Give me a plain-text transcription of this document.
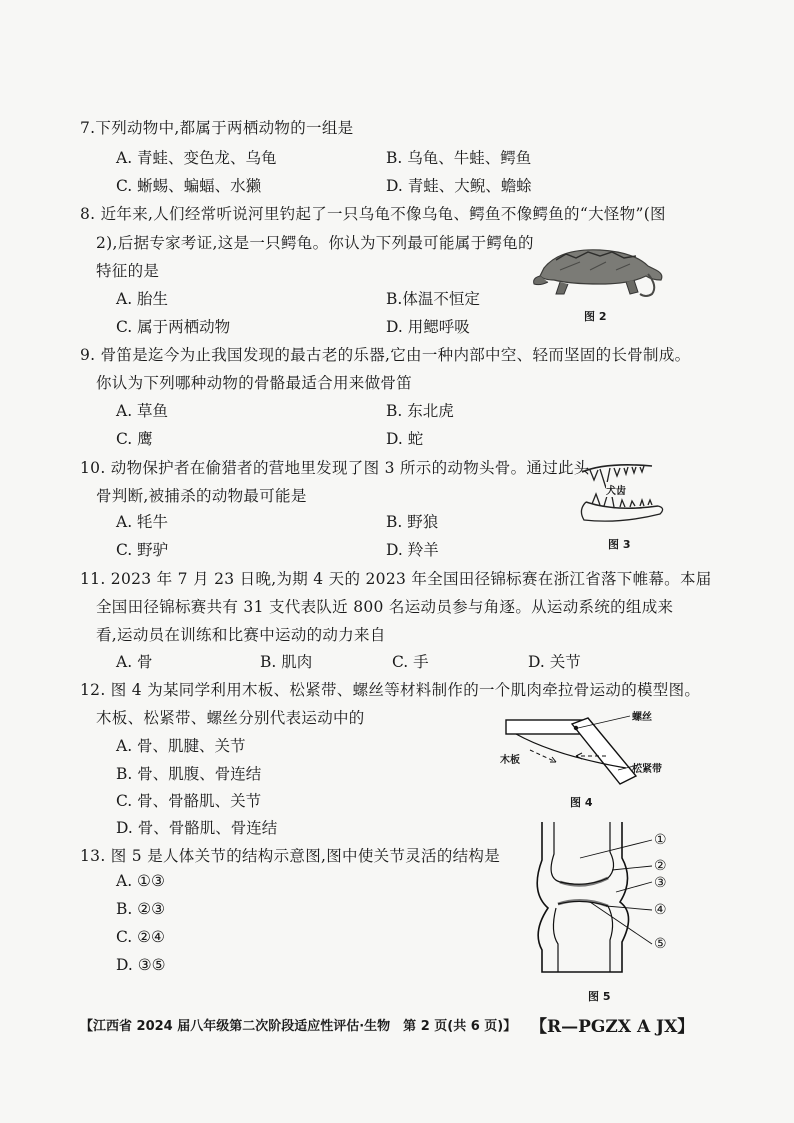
7.下列动物中,都属于两栖动物的一组是
A. 青蛙、变色龙、乌龟	B. 乌龟、牛蛙、鳄鱼
C. 蜥蜴、蝙蝠、水獭	D. 青蛙、大鲵、蟾蜍
8. 近年来,人们经常听说河里钓起了一只乌龟不像乌龟、鳄鱼不像鳄鱼的“大怪物”(图
2),后据专家考证,这是一只鳄龟。你认为下列最可能属于鳄龟的
特征的是
A. 胎生	B.体温不恒定
C. 属于两栖动物	D. 用鳃呼吸
图 2
9. 骨笛是迄今为止我国发现的最古老的乐器,它由一种内部中空、轻而坚固的长骨制成。
你认为下列哪种动物的骨骼最适合用来做骨笛
A. 草鱼	B. 东北虎
C. 鹰	D. 蛇
10. 动物保护者在偷猎者的营地里发现了图 3 所示的动物头骨。通过此头
骨判断,被捕杀的动物最可能是
A. 牦牛	B. 野狼
C. 野驴	D. 羚羊
犬齿
图 3
11. 2023 年 7 月 23 日晚,为期 4 天的 2023 年全国田径锦标赛在浙江省落下帷幕。本届
全国田径锦标赛共有 31 支代表队近 800 名运动员参与角逐。从运动系统的组成来
看,运动员在训练和比赛中运动的动力来自
A. 骨	B. 肌肉	C. 手	D. 关节
12. 图 4 为某同学利用木板、松紧带、螺丝等材料制作的一个肌肉牵拉骨运动的模型图。
木板、松紧带、螺丝分别代表运动中的
A. 骨、肌腱、关节
B. 骨、肌腹、骨连结
C. 骨、骨骼肌、关节
D. 骨、骨骼肌、骨连结
螺丝
木板
松紧带
图 4
13. 图 5 是人体关节的结构示意图,图中使关节灵活的结构是
A. ①③
B. ②③
C. ②④
D. ③⑤
①
②
③
④
⑤
图 5
【江西省 2024 届八年级第二次阶段适应性评估·生物　第 2 页(共 6 页)】 【R—PGZX A JX】
